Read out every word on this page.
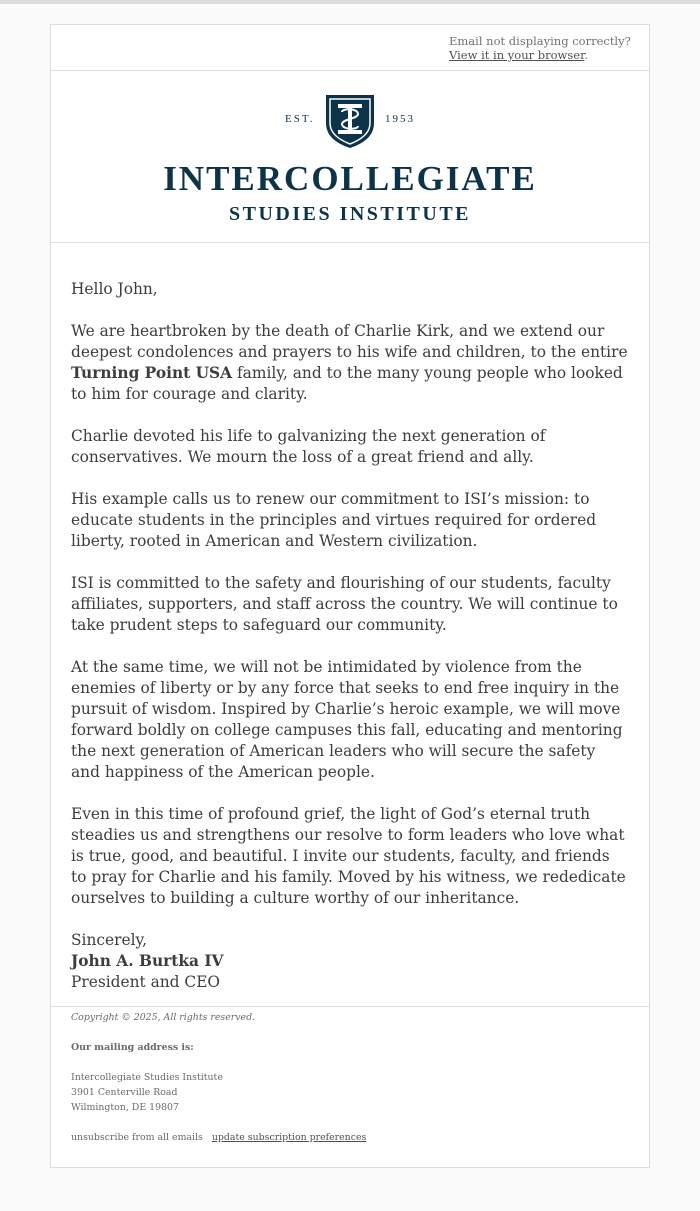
Email not displaying correctly?
View it in your browser.
EST.	1953
INTERCOLLEGIATE
STUDIES INSTITUTE

Hello John,

We are heartbroken by the death of Charlie Kirk, and we extend our deepest condolences and prayers to his wife and children, to the entire Turning Point USA family, and to the many young people who looked to him for courage and clarity.

Charlie devoted his life to galvanizing the next generation of conservatives. We mourn the loss of a great friend and ally.

His example calls us to renew our commitment to ISI’s mission: to educate students in the principles and virtues required for ordered liberty, rooted in American and Western civilization.

ISI is committed to the safety and flourishing of our students, faculty affiliates, supporters, and staff across the country. We will continue to take prudent steps to safeguard our community.

At the same time, we will not be intimidated by violence from the enemies of liberty or by any force that seeks to end free inquiry in the pursuit of wisdom. Inspired by Charlie’s heroic example, we will move forward boldly on college campuses this fall, educating and mentoring the next generation of American leaders who will secure the safety and happiness of the American people.

Even in this time of profound grief, the light of God’s eternal truth steadies us and strengthens our resolve to form leaders who love what is true, good, and beautiful. I invite our students, faculty, and friends to pray for Charlie and his family. Moved by his witness, we rededicate ourselves to building a culture worthy of our inheritance.

Sincerely,

John A. Burtka IV

President and CEO

Copyright © 2025, All rights reserved.

Our mailing address is:

Intercollegiate Studies Institute
3901 Centerville Road
Wilmington, DE 19807
unsubscribe from all emails update subscription preferences
